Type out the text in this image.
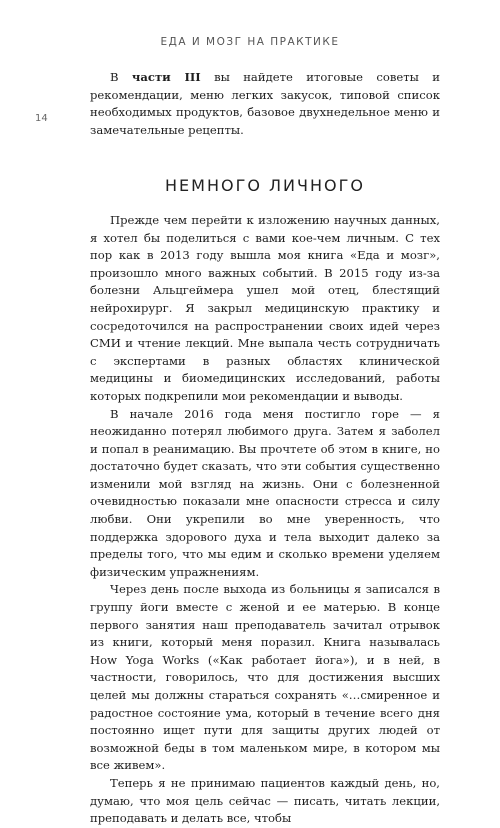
ЕДА И МОЗГ НА ПРАКТИКЕ
14

В части III вы найдете итоговые советы и рекомендации, меню легких закусок, типовой список необходимых продуктов, базовое двухнедельное меню и замечательные рецепты.

НЕМНОГО ЛИЧНОГО

Прежде чем перейти к изложению научных данных, я хотел бы поделиться с вами кое-чем личным. С тех пор как в 2013 году вышла моя книга «Еда и мозг», произошло много важных событий. В 2015 году из-за болезни Альцгеймера ушел мой отец, блестящий нейрохирург. Я закрыл медицинскую практику и сосредоточился на распространении своих идей через СМИ и чтение лекций. Мне выпала честь сотрудничать с экспертами в разных областях клинической медицины и биомедицинских исследований, работы которых подкрепили мои рекомендации и выводы.

В начале 2016 года меня постигло горе — я неожиданно потерял любимого друга. Затем я заболел и попал в реанимацию. Вы прочтете об этом в книге, но достаточно будет сказать, что эти события существенно изменили мой взгляд на жизнь. Они с болезненной очевидностью показали мне опасности стресса и силу любви. Они укрепили во мне уверенность, что поддержка здорового духа и тела выходит далеко за пределы того, что мы едим и сколько времени уделяем физическим упражнениям.

Через день после выхода из больницы я записался в группу йоги вместе с женой и ее матерью. В конце первого занятия наш преподаватель зачитал отрывок из книги, который меня поразил. Книга называлась How Yoga Works («Как работает йога»), и в ней, в частности, говорилось, что для достижения высших целей мы должны стараться сохранять «…смиренное и радостное состояние ума, который в течение всего дня постоянно ищет пути для защиты других людей от возможной беды в том маленьком мире, в котором мы все живем».

Теперь я не принимаю пациентов каждый день, но, думаю, что моя цель сейчас — писать, читать лекции, преподавать и делать все, чтобы
